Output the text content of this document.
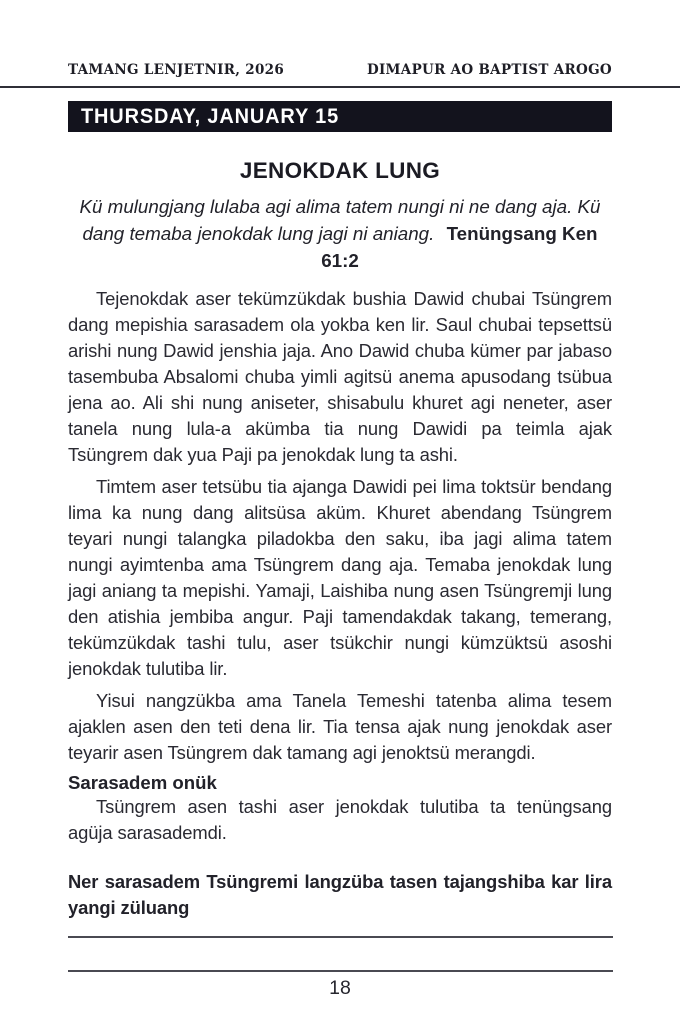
TAMANG LENJETNIR, 2026	DIMAPUR AO BAPTIST AROGO
THURSDAY, JANUARY 15
JENOKDAK LUNG
Kü mulungjang lulaba agi alima tatem nungi ni ne dang aja. Kü dang temaba jenokdak lung jagi ni aniang. Tenüngsang Ken 61:2

Tejenokdak aser tekümzükdak bushia Dawid chubai Tsüngrem dang mepishia sarasadem ola yokba ken lir. Saul chubai tepsettsü arishi nung Dawid jenshia jaja. Ano Dawid chuba kümer par jabaso tasembuba Absalomi chuba yimli agitsü anema apusodang tsübua jena ao. Ali shi nung aniseter, shisabulu khuret agi neneter, aser tanela nung lula-a akümba tia nung Dawidi pa teimla ajak Tsüngrem dak yua Paji pa jenokdak lung ta ashi.

Timtem aser tetsübu tia ajanga Dawidi pei lima toktsür bendang lima ka nung dang alitsüsa aküm. Khuret abendang Tsüngrem teyari nungi talangka piladokba den saku, iba jagi alima tatem nungi ayimtenba ama Tsüngrem dang aja. Temaba jenokdak lung jagi aniang ta mepishi. Yamaji, Laishiba nung asen Tsüngremji lung den atishia jembiba angur. Paji tamendakdak takang, temerang, tekümzükdak tashi tulu, aser tsükchir nungi kümzüktsü asoshi jenokdak tulutiba lir.

Yisui nangzükba ama Tanela Temeshi tatenba alima tesem ajaklen asen den teti dena lir. Tia tensa ajak nung jenokdak aser teyarir asen Tsüngrem dak tamang agi jenoktsü merangdi.

Sarasadem onük

Tsüngrem asen tashi aser jenokdak tulutiba ta tenüngsang agüja sarasademdi.

Ner sarasadem Tsüngremi langzüba tasen tajangshiba kar lira yangi züluang
18
